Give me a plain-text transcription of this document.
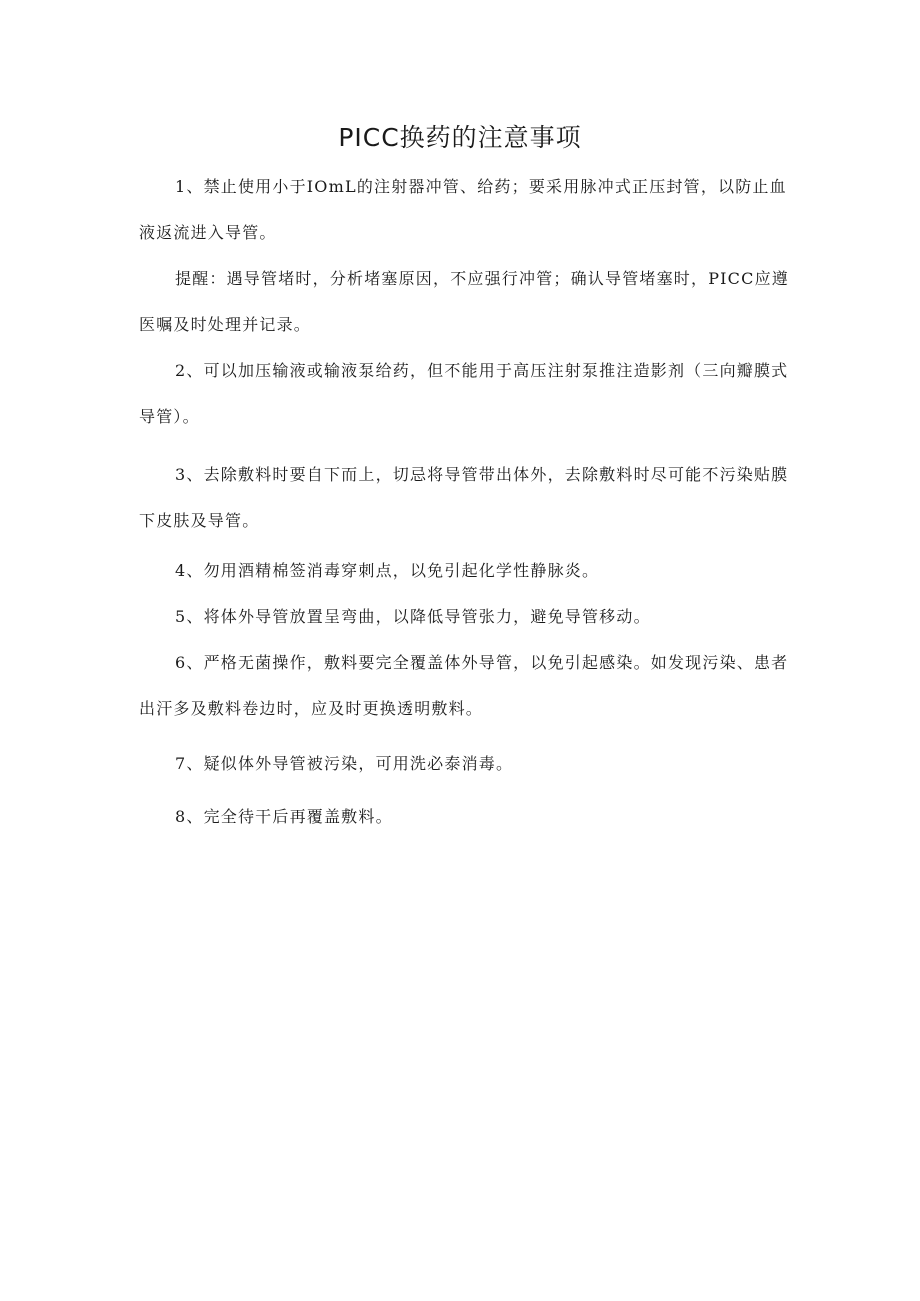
PICC换药的注意事项

1、禁止使用小于IOmL的注射器冲管、给药；要采用脉冲式正压封管，以防止血液返流进入导管。

提醒：遇导管堵时，分析堵塞原因，不应强行冲管；确认导管堵塞时，PICC应遵医嘱及时处理并记录。

2、可以加压输液或输液泵给药，但不能用于高压注射泵推注造影剂（三向瓣膜式导管）。

3、去除敷料时要自下而上，切忌将导管带出体外，去除敷料时尽可能不污染贴膜下皮肤及导管。

4、勿用酒精棉签消毒穿刺点，以免引起化学性静脉炎。

5、将体外导管放置呈弯曲，以降低导管张力，避免导管移动。

6、严格无菌操作，敷料要完全覆盖体外导管，以免引起感染。如发现污染、患者出汗多及敷料卷边时，应及时更换透明敷料。

7、疑似体外导管被污染，可用洗必泰消毒。

8、完全待干后再覆盖敷料。
